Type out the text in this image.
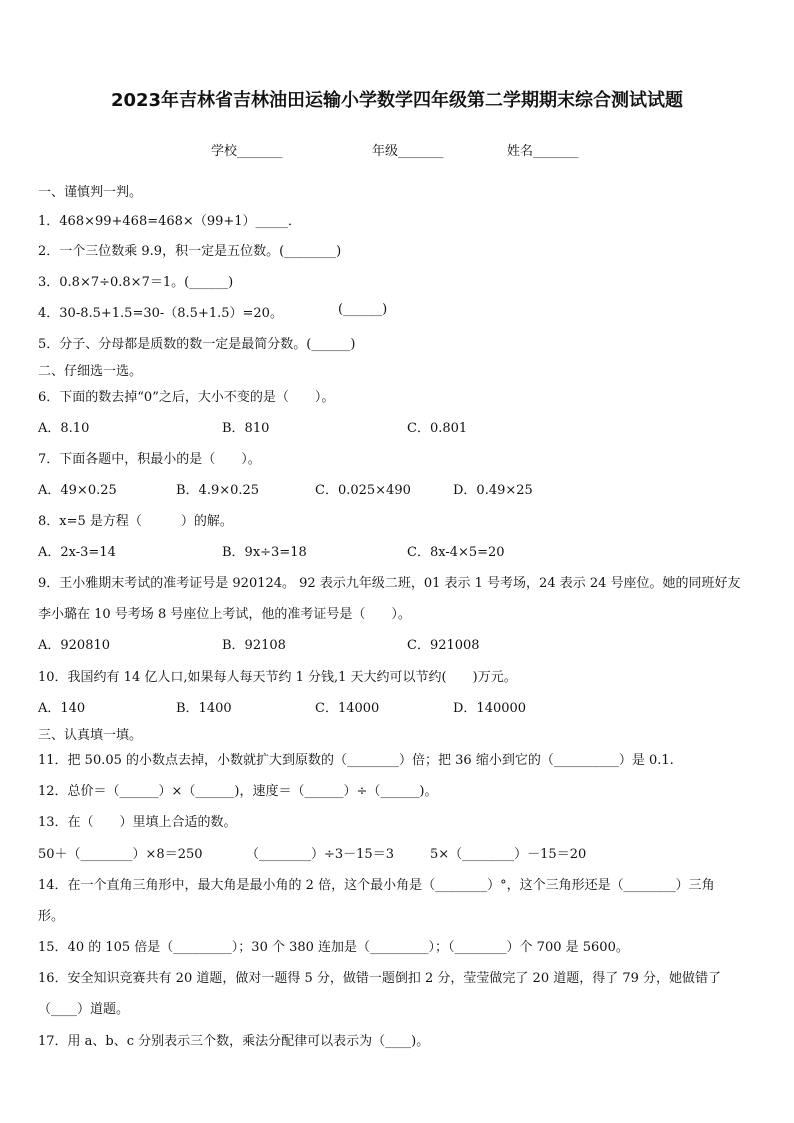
2023年吉林省吉林油田运输小学数学四年级第二学期期末综合测试试题
学校_______	年级_______	姓名_______
一、谨慎判一判。
1．468×99+468=468×（99+1）_____．
2．一个三位数乘 9.9，积一定是五位数。(________)
3．0.8×7÷0.8×7＝1。(______)
4．30-8.5+1.5=30-（8.5+1.5）=20。	(______)
5．分子、分母都是质数的数一定是最简分数。(______)
二、仔细选一选。
6．下面的数去掉“0”之后，大小不变的是（　　）。
A．8.10	B．810	C．0.801
7．下面各题中，积最小的是（　　）。
A．49×0.25	B．4.9×0.25	C．0.025×490	D．0.49×25
8．x=5 是方程（　　　）的解。
A．2x-3=14	B．9x÷3=18	C．8x-4×5=20
9．王小雅期末考试的准考证号是 920124。 92 表示九年级二班，01 表示 1 号考场，24 表示 24 号座位。她的同班好友
李小璐在 10 号考场 8 号座位上考试，他的准考证号是（　　）。
A．920810	B．92108	C．921008
10．我国约有 14 亿人口,如果每人每天节约 1 分钱,1 天大约可以节约(　　)万元。
A．140	B．1400	C．14000	D．140000
三、认真填一填。
11．把 50.05 的小数点去掉，小数就扩大到原数的（________）倍；把 36 缩小到它的（__________）是 0.1.
12．总价＝（______）×（______)，速度＝（______）÷（______)。
13．在（　　）里填上合适的数。
50＋（________）×8＝250	（________）÷3－15＝3	5×（________）－15＝20
14．在一个直角三角形中，最大角是最小角的 2 倍，这个最小角是（________）°，这个三角形还是（________）三角
形。
15．40 的 105 倍是（_________）；30 个 380 连加是（_________）；（________）个 700 是 5600。
16．安全知识竞赛共有 20 道题，做对一题得 5 分，做错一题倒扣 2 分，莹莹做完了 20 道题，得了 79 分，她做错了
（____）道题。
17．用 a、b、c 分别表示三个数，乘法分配律可以表示为（____)。
